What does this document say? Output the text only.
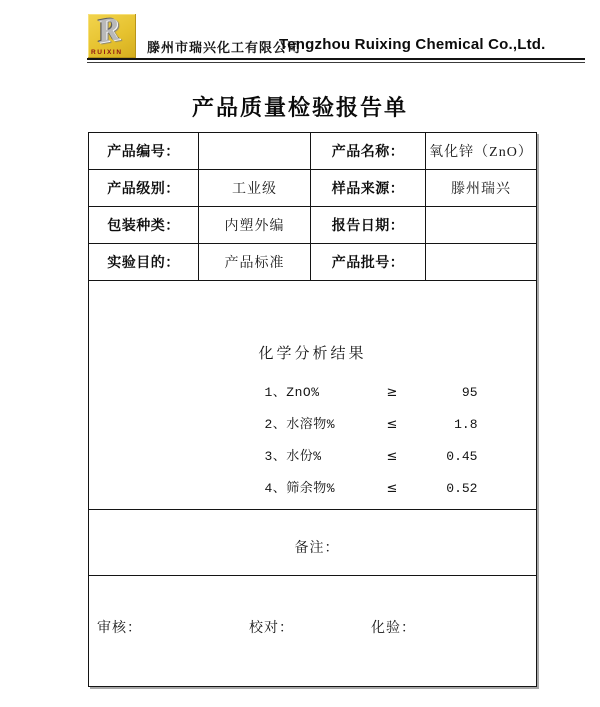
R
RUIXIN 滕州市瑞兴化工有限公司
Tengzhou Ruixing Chemical Co.,Ltd.
产品质量检验报告单
产品编号：		产品名称：	氧化锌（ZnO）
产品级别：	工业级	样品来源：	滕州瑞兴
包装种类：	内塑外编	报告日期：	
实验目的：	产品标准	产品批号：	

化学分析结果
1、ZnO% ≥ 95
2、水溶物% ≤ 1.8
3、水份% ≤ 0.45
4、筛余物% ≤ 0.52			

备注：			

审核： 校对： 化验：			
